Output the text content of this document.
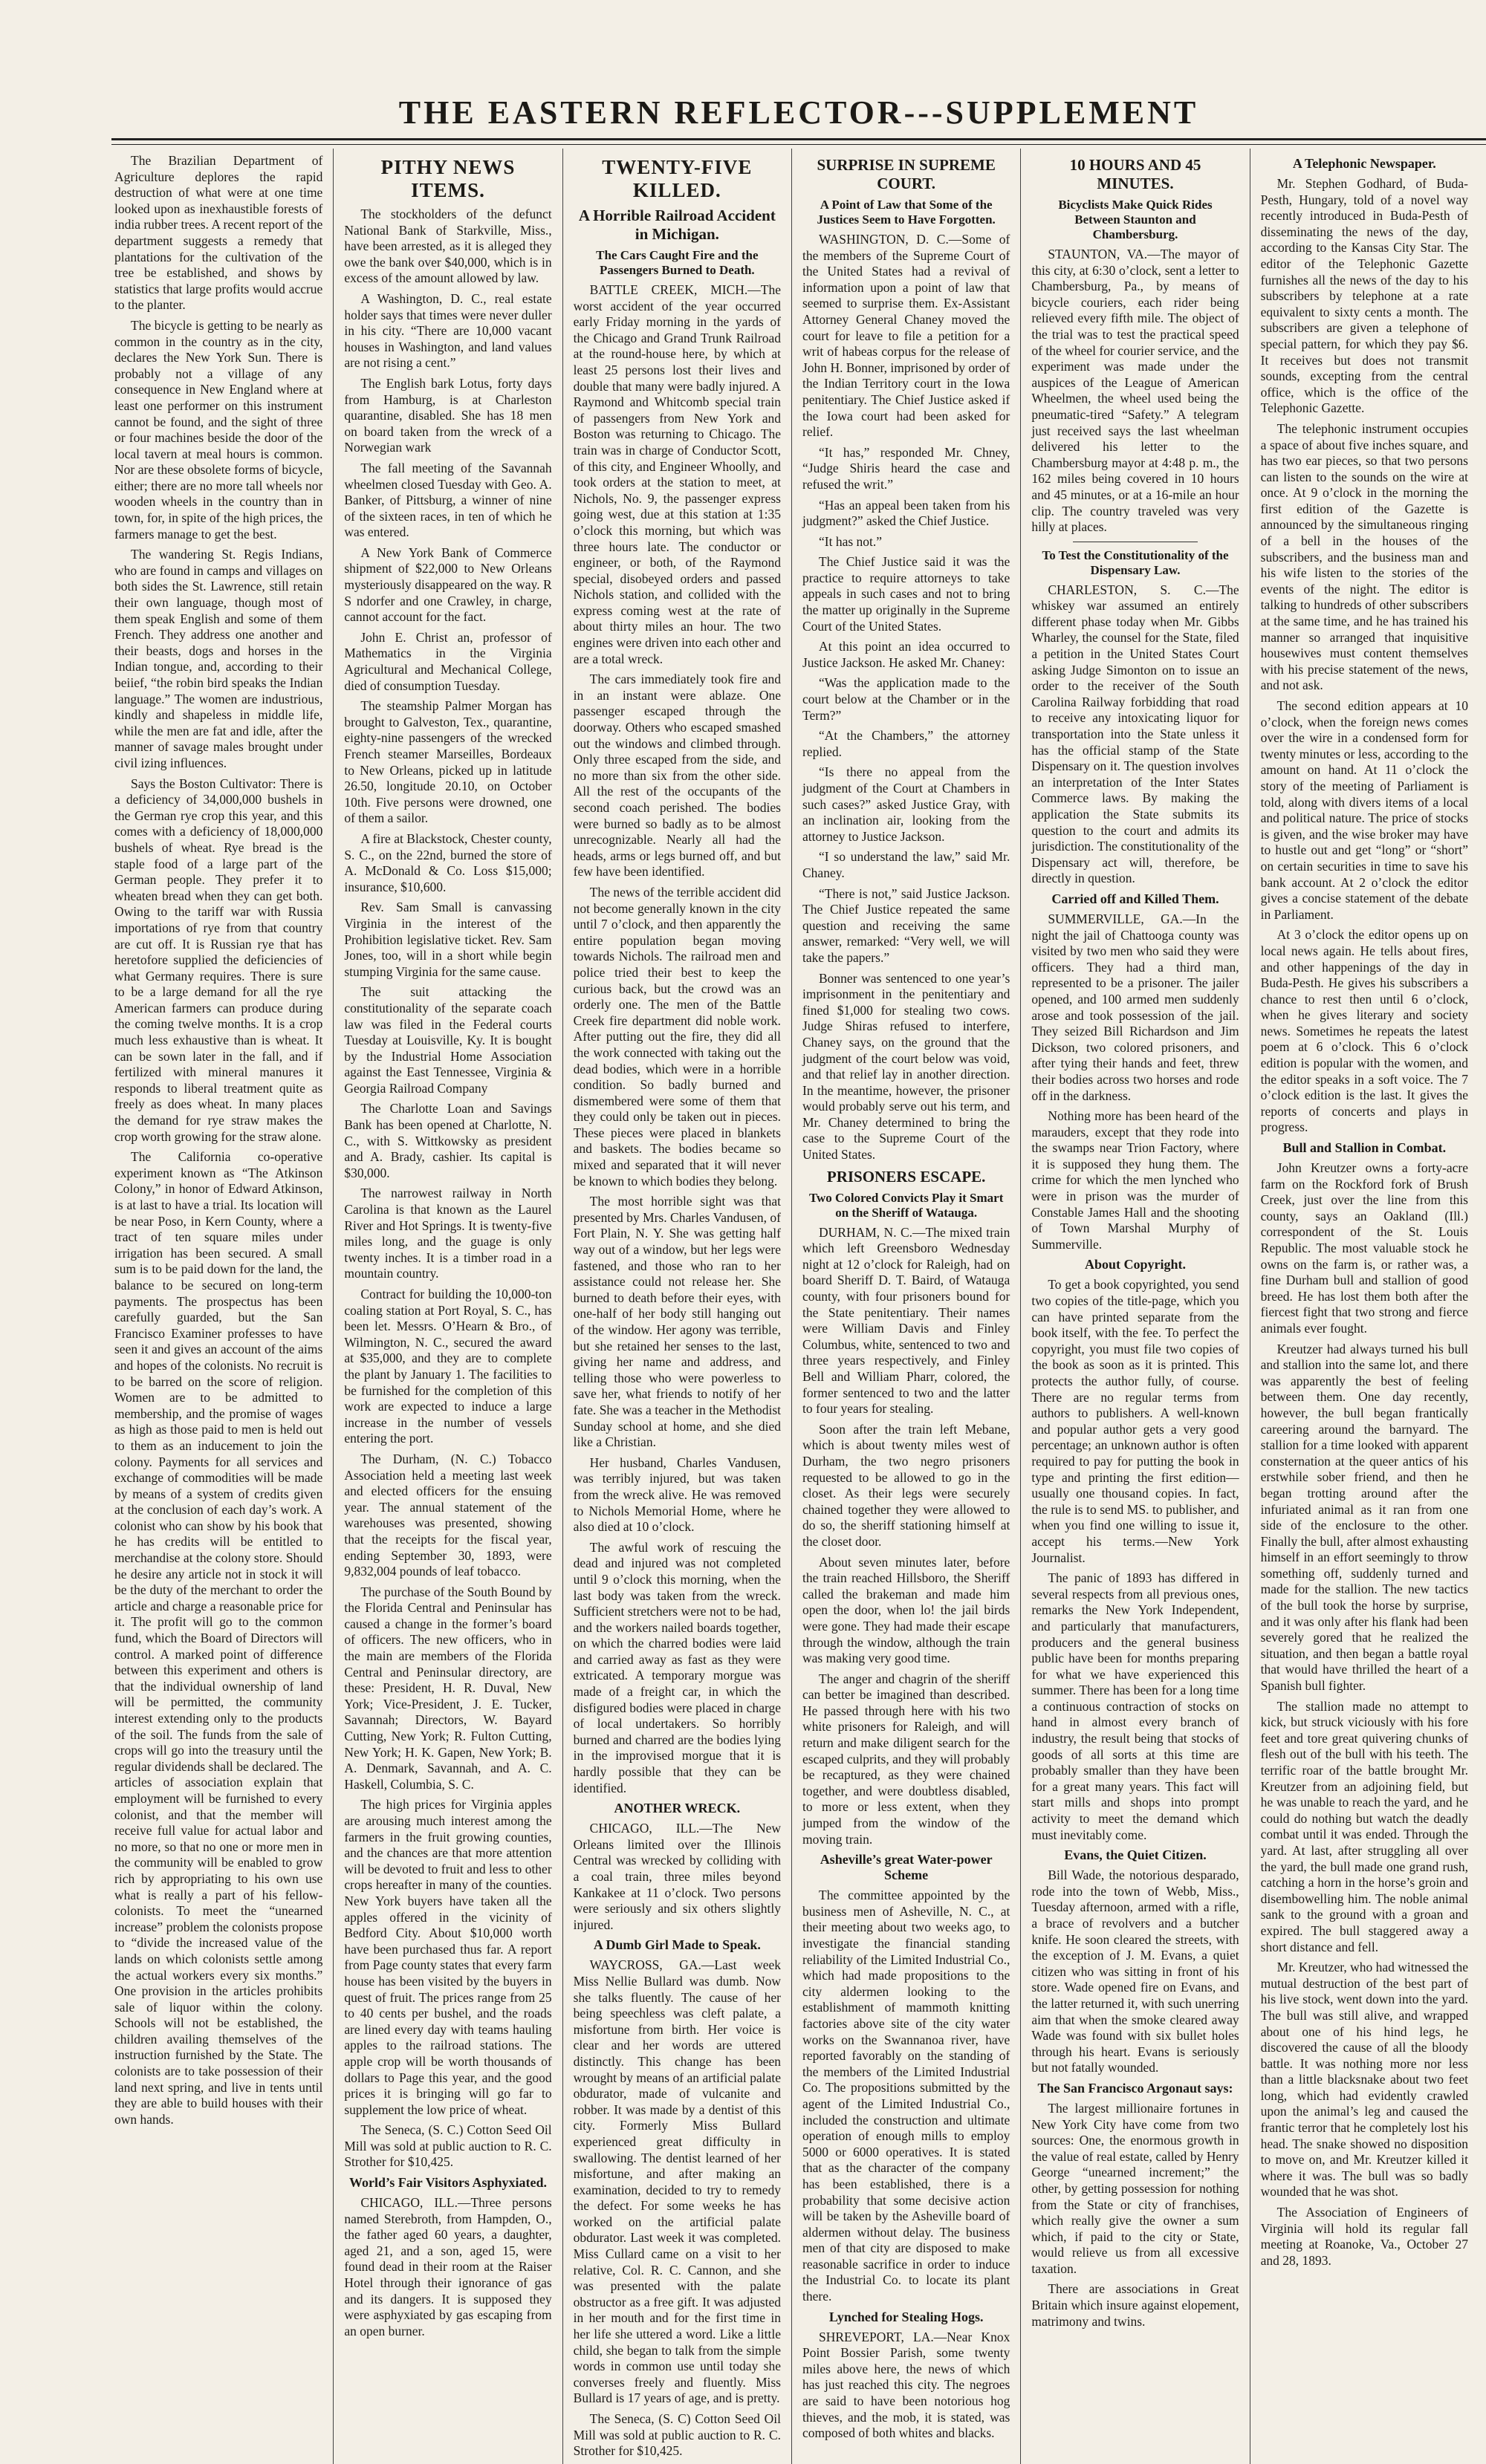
THE EASTERN REFLECTOR---SUPPLEMENT

The Brazilian Department of Agriculture deplores the rapid destruction of what were at one time looked upon as inexhaustible forests of india rubber trees. A recent report of the department suggests a remedy that plantations for the cultivation of the tree be established, and shows by statistics that large profits would accrue to the planter.

The bicycle is getting to be nearly as common in the country as in the city, declares the New York Sun. There is probably not a village of any consequence in New England where at least one performer on this instrument cannot be found, and the sight of three or four machines beside the door of the local tavern at meal hours is common. Nor are these obsolete forms of bicycle, either; there are no more tall wheels nor wooden wheels in the country than in town, for, in spite of the high prices, the farmers manage to get the best.

The wandering St. Regis Indians, who are found in camps and villages on both sides the St. Lawrence, still retain their own language, though most of them speak English and some of them French. They address one another and their beasts, dogs and horses in the Indian tongue, and, according to their beiief, “the robin bird speaks the Indian language.” The women are industrious, kindly and shapeless in middle life, while the men are fat and idle, after the manner of savage males brought under civil izing influences.

Says the Boston Cultivator: There is a deficiency of 34,000,000 bushels in the German rye crop this year, and this comes with a deficiency of 18,000,000 bushels of wheat. Rye bread is the staple food of a large part of the German people. They prefer it to wheaten bread when they can get both. Owing to the tariff war with Russia importations of rye from that country are cut off. It is Russian rye that has heretofore supplied the deficiencies of what Germany requires. There is sure to be a large demand for all the rye American farmers can produce during the coming twelve months. It is a crop much less exhaustive than is wheat. It can be sown later in the fall, and if fertilized with mineral manures it responds to liberal treatment quite as freely as does wheat. In many places the demand for rye straw makes the crop worth growing for the straw alone.

The California co-operative experiment known as “The Atkinson Colony,” in honor of Edward Atkinson, is at last to have a trial. Its location will be near Poso, in Kern County, where a tract of ten square miles under irrigation has been secured. A small sum is to be paid down for the land, the balance to be secured on long-term payments. The prospectus has been carefully guarded, but the San Francisco Examiner professes to have seen it and gives an account of the aims and hopes of the colonists. No recruit is to be barred on the score of religion. Women are to be admitted to membership, and the promise of wages as high as those paid to men is held out to them as an inducement to join the colony. Payments for all services and exchange of commodities will be made by means of a system of credits given at the conclusion of each day’s work. A colonist who can show by his book that he has credits will be entitled to merchandise at the colony store. Should he desire any article not in stock it will be the duty of the merchant to order the article and charge a reasonable price for it. The profit will go to the common fund, which the Board of Directors will control. A marked point of difference between this experiment and others is that the individual ownership of land will be permitted, the community interest extending only to the products of the soil. The funds from the sale of crops will go into the treasury until the regular dividends shall be declared. The articles of association explain that employment will be furnished to every colonist, and that the member will receive full value for actual labor and no more, so that no one or more men in the community will be enabled to grow rich by appropriating to his own use what is really a part of his fellow-colonists. To meet the “unearned increase” problem the colonists propose to “divide the increased value of the lands on which colonists settle among the actual workers every six months.” One provision in the articles prohibits sale of liquor within the colony. Schools will not be established, the children availing themselves of the instruction furnished by the State. The colonists are to take possession of their land next spring, and live in tents until they are able to build houses with their own hands.

PITHY NEWS ITEMS.

The stockholders of the defunct National Bank of Starkville, Miss., have been arrested, as it is alleged they owe the bank over $40,000, which is in excess of the amount allowed by law.

A Washington, D. C., real estate holder says that times were never duller in his city. “There are 10,000 vacant houses in Washington, and land values are not rising a cent.”

The English bark Lotus, forty days from Hamburg, is at Charleston quarantine, disabled. She has 18 men on board taken from the wreck of a Norwegian wark

The fall meeting of the Savannah wheelmen closed Tuesday with Geo. A. Banker, of Pittsburg, a winner of nine of the sixteen races, in ten of which he was entered.

A New York Bank of Commerce shipment of $22,000 to New Orleans mysteriously disappeared on the way. R S ndorfer and one Crawley, in charge, cannot account for the fact.

John E. Christ an, professor of Mathematics in the Virginia Agricultural and Mechanical College, died of consumption Tuesday.

The steamship Palmer Morgan has brought to Galveston, Tex., quarantine, eighty-nine passengers of the wrecked French steamer Marseilles, Bordeaux to New Orleans, picked up in latitude 26.50, longitude 20.10, on October 10th. Five persons were drowned, one of them a sailor.

A fire at Blackstock, Chester county, S. C., on the 22nd, burned the store of A. McDonald & Co. Loss $15,000; insurance, $10,600.

Rev. Sam Small is canvassing Virginia in the interest of the Prohibition legislative ticket. Rev. Sam Jones, too, will in a short while begin stumping Virginia for the same cause.

The suit attacking the constitutionality of the separate coach law was filed in the Federal courts Tuesday at Louisville, Ky. It is bought by the Industrial Home Association against the East Tennessee, Virginia & Georgia Railroad Company

The Charlotte Loan and Savings Bank has been opened at Charlotte, N. C., with S. Wittkowsky as president and A. Brady, cashier. Its capital is $30,000.

The narrowest railway in North Carolina is that known as the Laurel River and Hot Springs. It is twenty-five miles long, and the guage is only twenty inches. It is a timber road in a mountain country.

Contract for building the 10,000-ton coaling station at Port Royal, S. C., has been let. Messrs. O’Hearn & Bro., of Wilmington, N. C., secured the award at $35,000, and they are to complete the plant by January 1. The facilities to be furnished for the completion of this work are expected to induce a large increase in the number of vessels entering the port.

The Durham, (N. C.) Tobacco Association held a meeting last week and elected officers for the ensuing year. The annual statement of the warehouses was presented, showing that the receipts for the fiscal year, ending September 30, 1893, were 9,832,004 pounds of leaf tobacco.

The purchase of the South Bound by the Florida Central and Peninsular has caused a change in the former’s board of officers. The new officers, who in the main are members of the Florida Central and Peninsular directory, are these: President, H. R. Duval, New York; Vice-President, J. E. Tucker, Savannah; Directors, W. Bayard Cutting, New York; R. Fulton Cutting, New York; H. K. Gapen, New York; B. A. Denmark, Savannah, and A. C. Haskell, Columbia, S. C.

The high prices for Virginia apples are arousing much interest among the farmers in the fruit growing counties, and the chances are that more attention will be devoted to fruit and less to other crops hereafter in many of the counties. New York buyers have taken all the apples offered in the vicinity of Bedford City. About $10,000 worth have been purchased thus far. A report from Page county states that every farm house has been visited by the buyers in quest of fruit. The prices range from 25 to 40 cents per bushel, and the roads are lined every day with teams hauling apples to the railroad stations. The apple crop will be worth thousands of dollars to Page this year, and the good prices it is bringing will go far to supplement the low price of wheat.

The Seneca, (S. C.) Cotton Seed Oil Mill was sold at public auction to R. C. Strother for $10,425.

World’s Fair Visitors Asphyxiated.

CHICAGO, ILL.—Three persons named Sterebroth, from Hampden, O., the father aged 60 years, a daughter, aged 21, and a son, aged 15, were found dead in their room at the Raiser Hotel through their ignorance of gas and its dangers. It is supposed they were asphyxiated by gas escaping from an open burner.

TWENTY-FIVE KILLED.
A Horrible Railroad Accident in Michigan.
The Cars Caught Fire and the Passengers Burned to Death.

BATTLE CREEK, MICH.—The worst accident of the year occurred early Friday morning in the yards of the Chicago and Grand Trunk Railroad at the round-house here, by which at least 25 persons lost their lives and double that many were badly injured. A Raymond and Whitcomb special train of passengers from New York and Boston was returning to Chicago. The train was in charge of Conductor Scott, of this city, and Engineer Whoolly, and took orders at the station to meet, at Nichols, No. 9, the passenger express going west, due at this station at 1:35 o’clock this morning, but which was three hours late. The conductor or engineer, or both, of the Raymond special, disobeyed orders and passed Nichols station, and collided with the express coming west at the rate of about thirty miles an hour. The two engines were driven into each other and are a total wreck.

The cars immediately took fire and in an instant were ablaze. One passenger escaped through the doorway. Others who escaped smashed out the windows and climbed through. Only three escaped from the side, and no more than six from the other side. All the rest of the occupants of the second coach perished. The bodies were burned so badly as to be almost unrecognizable. Nearly all had the heads, arms or legs burned off, and but few have been identified.

The news of the terrible accident did not become generally known in the city until 7 o’clock, and then apparently the entire population began moving towards Nichols. The railroad men and police tried their best to keep the curious back, but the crowd was an orderly one. The men of the Battle Creek fire department did noble work. After putting out the fire, they did all the work connected with taking out the dead bodies, which were in a horrible condition. So badly burned and dismembered were some of them that they could only be taken out in pieces. These pieces were placed in blankets and baskets. The bodies became so mixed and separated that it will never be known to which bodies they belong.

The most horrible sight was that presented by Mrs. Charles Vandusen, of Fort Plain, N. Y. She was getting half way out of a window, but her legs were fastened, and those who ran to her assistance could not release her. She burned to death before their eyes, with one-half of her body still hanging out of the window. Her agony was terrible, but she retained her senses to the last, giving her name and address, and telling those who were powerless to save her, what friends to notify of her fate. She was a teacher in the Methodist Sunday school at home, and she died like a Christian.

Her husband, Charles Vandusen, was terribly injured, but was taken from the wreck alive. He was removed to Nichols Memorial Home, where he also died at 10 o’clock.

The awful work of rescuing the dead and injured was not completed until 9 o’clock this morning, when the last body was taken from the wreck. Sufficient stretchers were not to be had, and the workers nailed boards together, on which the charred bodies were laid and carried away as fast as they were extricated. A temporary morgue was made of a freight car, in which the disfigured bodies were placed in charge of local undertakers. So horribly burned and charred are the bodies lying in the improvised morgue that it is hardly possible that they can be identified.

ANOTHER WRECK.

CHICAGO, ILL.—The New Orleans limited over the Illinois Central was wrecked by colliding with a coal train, three miles beyond Kankakee at 11 o’clock. Two persons were seriously and six others slightly injured.

A Dumb Girl Made to Speak.

WAYCROSS, GA.—Last week Miss Nellie Bullard was dumb. Now she talks fluently. The cause of her being speechless was cleft palate, a misfortune from birth. Her voice is clear and her words are uttered distinctly. This change has been wrought by means of an artificial palate obdurator, made of vulcanite and robber. It was made by a dentist of this city. Formerly Miss Bullard experienced great difficulty in swallowing. The dentist learned of her misfortune, and after making an examination, decided to try to remedy the defect. For some weeks he has worked on the artificial palate obdurator. Last week it was completed. Miss Cullard came on a visit to her relative, Col. R. C. Cannon, and she was presented with the palate obstructor as a free gift. It was adjusted in her mouth and for the first time in her life she uttered a word. Like a little child, she began to talk from the simple words in common use until today she converses freely and fluently. Miss Bullard is 17 years of age, and is pretty.

The Seneca, (S. C) Cotton Seed Oil Mill was sold at public auction to R. C. Strother for $10,425.

SURPRISE IN SUPREME COURT.
A Point of Law that Some of the Justices Seem to Have Forgotten.

WASHINGTON, D. C.—Some of the members of the Supreme Court of the United States had a revival of information upon a point of law that seemed to surprise them. Ex-Assistant Attorney General Chaney moved the court for leave to file a petition for a writ of habeas corpus for the release of John H. Bonner, imprisoned by order of the Indian Territory court in the Iowa penitentiary. The Chief Justice asked if the Iowa court had been asked for relief.

“It has,” responded Mr. Chney, “Judge Shiris heard the case and refused the writ.”

“Has an appeal been taken from his judgment?” asked the Chief Justice.

“It has not.”

The Chief Justice said it was the practice to require attorneys to take appeals in such cases and not to bring the matter up originally in the Supreme Court of the United States.

At this point an idea occurred to Justice Jackson. He asked Mr. Chaney:

“Was the application made to the court below at the Chamber or in the Term?”

“At the Chambers,” the attorney replied.

“Is there no appeal from the judgment of the Court at Chambers in such cases?” asked Justice Gray, with an inclination air, looking from the attorney to Justice Jackson.

“I so understand the law,” said Mr. Chaney.

“There is not,” said Justice Jackson. The Chief Justice repeated the same question and receiving the same answer, remarked: “Very well, we will take the papers.”

Bonner was sentenced to one year’s imprisonment in the penitentiary and fined $1,000 for stealing two cows. Judge Shiras refused to interfere, Chaney says, on the ground that the judgment of the court below was void, and that relief lay in another direction. In the meantime, however, the prisoner would probably serve out his term, and Mr. Chaney determined to bring the case to the Supreme Court of the United States.

PRISONERS ESCAPE.
Two Colored Convicts Play it Smart on the Sheriff of Watauga.

DURHAM, N. C.—The mixed train which left Greensboro Wednesday night at 12 o’clock for Raleigh, had on board Sheriff D. T. Baird, of Watauga county, with four prisoners bound for the State penitentiary. Their names were William Davis and Finley Columbus, white, sentenced to two and three years respectively, and Finley Bell and William Pharr, colored, the former sentenced to two and the latter to four years for stealing.

Soon after the train left Mebane, which is about twenty miles west of Durham, the two negro prisoners requested to be allowed to go in the closet. As their legs were securely chained together they were allowed to do so, the sheriff stationing himself at the closet door.

About seven minutes later, before the train reached Hillsboro, the Sheriff called the brakeman and made him open the door, when lo! the jail birds were gone. They had made their escape through the window, although the train was making very good time.

The anger and chagrin of the sheriff can better be imagined than described. He passed through here with his two white prisoners for Raleigh, and will return and make diligent search for the escaped culprits, and they will probably be recaptured, as they were chained together, and were doubtless disabled, to more or less extent, when they jumped from the window of the moving train.

Asheville’s great Water-power Scheme

The committee appointed by the business men of Asheville, N. C., at their meeting about two weeks ago, to investigate the financial standing reliability of the Limited Industrial Co., which had made propositions to the city aldermen looking to the establishment of mammoth knitting factories above site of the city water works on the Swannanoa river, have reported favorably on the standing of the members of the Limited Industrial Co. The propositions submitted by the agent of the Limited Industrial Co., included the construction and ultimate operation of enough mills to employ 5000 or 6000 operatives. It is stated that as the character of the company has been established, there is a probability that some decisive action will be taken by the Asheville board of aldermen without delay. The business men of that city are disposed to make reasonable sacrifice in order to induce the Industrial Co. to locate its plant there.

Lynched for Stealing Hogs.

SHREVEPORT, LA.—Near Knox Point Bossier Parish, some twenty miles above here, the news of which has just reached this city. The negroes are said to have been notorious hog thieves, and the mob, it is stated, was composed of both whites and blacks.

10 HOURS AND 45 MINUTES.
Bicyclists Make Quick Rides Between Staunton and Chambersburg.

STAUNTON, VA.—The mayor of this city, at 6:30 o’clock, sent a letter to Chambersburg, Pa., by means of bicycle couriers, each rider being relieved every fifth mile. The object of the trial was to test the practical speed of the wheel for courier service, and the experiment was made under the auspices of the League of American Wheelmen, the wheel used being the pneumatic-tired “Safety.” A telegram just received says the last wheelman delivered his letter to the Chambersburg mayor at 4:48 p. m., the 162 miles being covered in 10 hours and 45 minutes, or at a 16-mile an hour clip. The country traveled was very hilly at places.

To Test the Constitutionality of the Dispensary Law.

CHARLESTON, S. C.—The whiskey war assumed an entirely different phase today when Mr. Gibbs Wharley, the counsel for the State, filed a petition in the United States Court asking Judge Simonton on to issue an order to the receiver of the South Carolina Railway forbidding that road to receive any intoxicating liquor for transportation into the State unless it has the official stamp of the State Dispensary on it. The question involves an interpretation of the Inter States Commerce laws. By making the application the State submits its question to the court and admits its jurisdiction. The constitutionality of the Dispensary act will, therefore, be directly in question.

Carried off and Killed Them.

SUMMERVILLE, GA.—In the night the jail of Chattooga county was visited by two men who said they were officers. They had a third man, represented to be a prisoner. The jailer opened, and 100 armed men suddenly arose and took possession of the jail. They seized Bill Richardson and Jim Dickson, two colored prisoners, and after tying their hands and feet, threw their bodies across two horses and rode off in the darkness.

Nothing more has been heard of the marauders, except that they rode into the swamps near Trion Factory, where it is supposed they hung them. The crime for which the men lynched who were in prison was the murder of Constable James Hall and the shooting of Town Marshal Murphy of Summerville.

About Copyright.

To get a book copyrighted, you send two copies of the title-page, which you can have printed separate from the book itself, with the fee. To perfect the copyright, you must file two copies of the book as soon as it is printed. This protects the author fully, of course. There are no regular terms from authors to publishers. A well-known and popular author gets a very good percentage; an unknown author is often required to pay for putting the book in type and printing the first edition—usually one thousand copies. In fact, the rule is to send MS. to publisher, and when you find one willing to issue it, accept his terms.—New York Journalist.

The panic of 1893 has differed in several respects from all previous ones, remarks the New York Independent, and particularly that manufacturers, producers and the general business public have been for months preparing for what we have experienced this summer. There has been for a long time a continuous contraction of stocks on hand in almost every branch of industry, the result being that stocks of goods of all sorts at this time are probably smaller than they have been for a great many years. This fact will start mills and shops into prompt activity to meet the demand which must inevitably come.

Evans, the Quiet Citizen.

Bill Wade, the notorious desparado, rode into the town of Webb, Miss., Tuesday afternoon, armed with a rifle, a brace of revolvers and a butcher knife. He soon cleared the streets, with the exception of J. M. Evans, a quiet citizen who was sitting in front of his store. Wade opened fire on Evans, and the latter returned it, with such unerring aim that when the smoke cleared away Wade was found with six bullet holes through his heart. Evans is seriously but not fatally wounded.

The San Francisco Argonaut says:

The largest millionaire fortunes in New York City have come from two sources: One, the enormous growth in the value of real estate, called by Henry George “unearned increment;” the other, by getting possession for nothing from the State or city of franchises, which really give the owner a sum which, if paid to the city or State, would relieve us from all excessive taxation.

There are associations in Great Britain which insure against elopement, matrimony and twins.

A Telephonic Newspaper.

Mr. Stephen Godhard, of Buda-Pesth, Hungary, told of a novel way recently introduced in Buda-Pesth of disseminating the news of the day, according to the Kansas City Star. The editor of the Telephonic Gazette furnishes all the news of the day to his subscribers by telephone at a rate equivalent to sixty cents a month. The subscribers are given a telephone of special pattern, for which they pay $6. It receives but does not transmit sounds, excepting from the central office, which is the office of the Telephonic Gazette.

The telephonic instrument occupies a space of about five inches square, and has two ear pieces, so that two persons can listen to the sounds on the wire at once. At 9 o’clock in the morning the first edition of the Gazette is announced by the simultaneous ringing of a bell in the houses of the subscribers, and the business man and his wife listen to the stories of the events of the night. The editor is talking to hundreds of other subscribers at the same time, and he has trained his manner so arranged that inquisitive housewives must content themselves with his precise statement of the news, and not ask.

The second edition appears at 10 o’clock, when the foreign news comes over the wire in a condensed form for twenty minutes or less, according to the amount on hand. At 11 o’clock the story of the meeting of Parliament is told, along with divers items of a local and political nature. The price of stocks is given, and the wise broker may have to hustle out and get “long” or “short” on certain securities in time to save his bank account. At 2 o’clock the editor gives a concise statement of the debate in Parliament.

At 3 o’clock the editor opens up on local news again. He tells about fires, and other happenings of the day in Buda-Pesth. He gives his subscribers a chance to rest then until 6 o’clock, when he gives literary and society news. Sometimes he repeats the latest poem at 6 o’clock. This 6 o’clock edition is popular with the women, and the editor speaks in a soft voice. The 7 o’clock edition is the last. It gives the reports of concerts and plays in progress.

Bull and Stallion in Combat.

John Kreutzer owns a forty-acre farm on the Rockford fork of Brush Creek, just over the line from this county, says an Oakland (Ill.) correspondent of the St. Louis Republic. The most valuable stock he owns on the farm is, or rather was, a fine Durham bull and stallion of good breed. He has lost them both after the fiercest fight that two strong and fierce animals ever fought.

Kreutzer had always turned his bull and stallion into the same lot, and there was apparently the best of feeling between them. One day recently, however, the bull began frantically careering around the barnyard. The stallion for a time looked with apparent consternation at the queer antics of his erstwhile sober friend, and then he began trotting around after the infuriated animal as it ran from one side of the enclosure to the other. Finally the bull, after almost exhausting himself in an effort seemingly to throw something off, suddenly turned and made for the stallion. The new tactics of the bull took the horse by surprise, and it was only after his flank had been severely gored that he realized the situation, and then began a battle royal that would have thrilled the heart of a Spanish bull fighter.

The stallion made no attempt to kick, but struck viciously with his fore feet and tore great quivering chunks of flesh out of the bull with his teeth. The terrific roar of the battle brought Mr. Kreutzer from an adjoining field, but he was unable to reach the yard, and he could do nothing but watch the deadly combat until it was ended. Through the yard. At last, after struggling all over the yard, the bull made one grand rush, catching a horn in the horse’s groin and disembowelling him. The noble animal sank to the ground with a groan and expired. The bull staggered away a short distance and fell.

Mr. Kreutzer, who had witnessed the mutual destruction of the best part of his live stock, went down into the yard. The bull was still alive, and wrapped about one of his hind legs, he discovered the cause of all the bloody battle. It was nothing more nor less than a little blacksnake about two feet long, which had evidently crawled upon the animal’s leg and caused the frantic terror that he completely lost his head. The snake showed no disposition to move on, and Mr. Kreutzer killed it where it was. The bull was so badly wounded that he was shot.

The Association of Engineers of Virginia will hold its regular fall meeting at Roanoke, Va., October 27 and 28, 1893.
